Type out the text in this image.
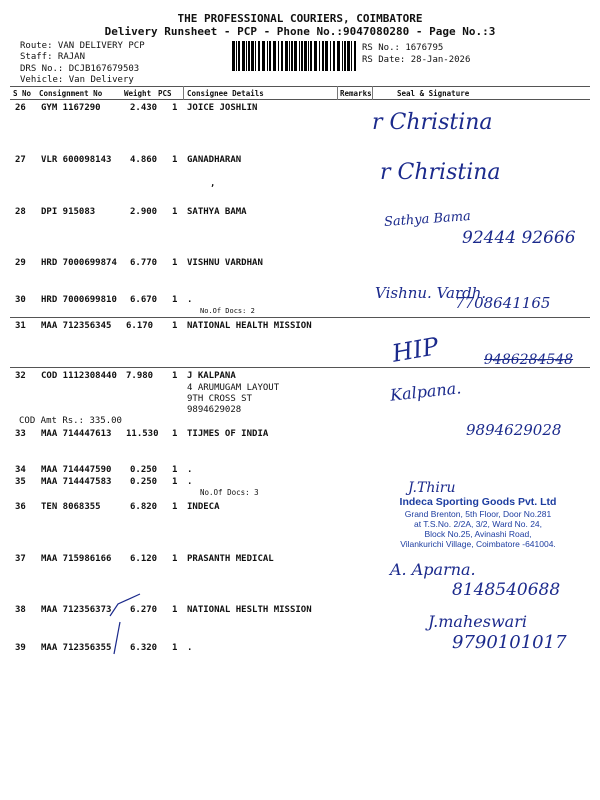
THE PROFESSIONAL COURIERS, COIMBATORE
Delivery Runsheet - PCP - Phone No.:9047080280 - Page No.:3
Route: VAN DELIVERY PCP
Staff: RAJAN
DRS No.: DCJB167679503
Vehicle: Van Delivery
RS No.: 1676795
RS Date: 28-Jan-2026
S No Consignment No	Weight PCS Consignee Details	Remarks	Seal & Signature
26 GYM 1167290	2.430 1 JOICE JOSHLIN
27 VLR 600098143 4.860 1 GANADHARAN
,
28 DPI 915083	2.900 1 SATHYA BAMA
29 HRD 7000699874 6.770 1 VISHNU VARDHAN
30 HRD 7000699810 6.670 1 .
No.Of Docs: 2
31 MAA 712356345 6.170 1 NATIONAL HEALTH MISSION
32 COD 1112308440 7.980 1 J KALPANA
4 ARUMUGAM LAYOUT
9TH CROSS ST
9894629028
COD Amt Rs.: 335.00
33 MAA 714447613 11.530 1 TIJMES OF INDIA
34 MAA 714447590 0.250 1 .
35 MAA 714447583 0.250 1 .
No.Of Docs: 3
36 TEN 8068355	6.820 1 INDECA
37 MAA 715986166 6.120 1 PRASANTH MEDICAL
38 MAA 712356373 6.270 1 NATIONAL HESLTH MISSION
39 MAA 712356355 6.320 1 .
r Christina
r Christina
Sathya Bama
92444 92666
Vishnu. Vardh.
7708641165
HIP	9486284548
Kalpana.
9894629028
J.Thiru
A. Aparna.
8148540688
J.maheswari
9790101017
Indeca Sporting Goods Pvt. Ltd
Grand Brenton, 5th Floor, Door No.281
at T.S.No. 2/2A, 3/2, Ward No. 24,
Block No.25, Avinashi Road,
Vilankurichi Village, Coimbatore -641004.
